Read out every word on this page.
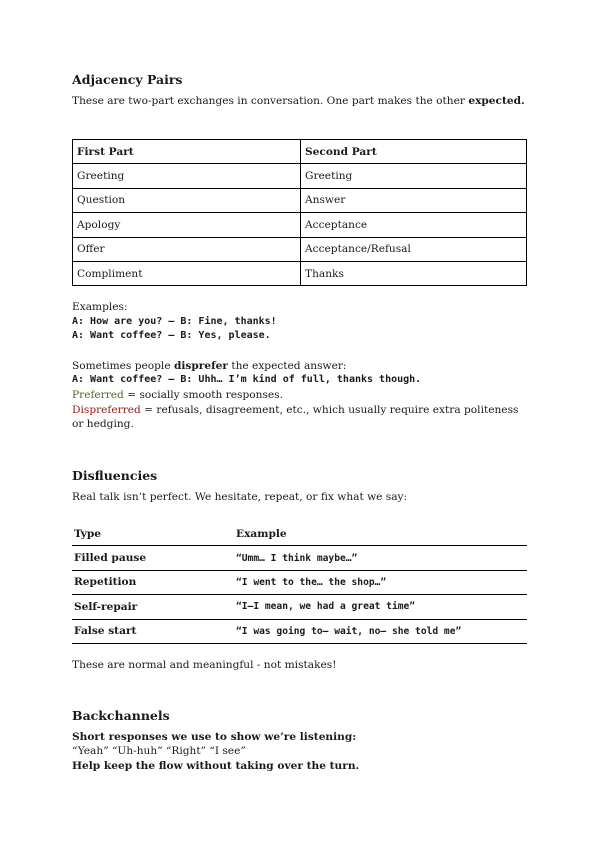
Adjacency Pairs

These are two-part exchanges in conversation. One part makes the other expected.

First Part	Second Part
Greeting	Greeting
Question	Answer
Apology	Acceptance
Offer	Acceptance/Refusal
Compliment	Thanks

Examples:

A: How are you? – B: Fine, thanks!

A: Want coffee? – B: Yes, please.

Sometimes people disprefer the expected answer:

A: Want coffee? – B: Uhh… I’m kind of full, thanks though.

Preferred = socially smooth responses.

Dispreferred = refusals, disagreement, etc., which usually require extra politeness or hedging.

Disfluencies

Real talk isn’t perfect. We hesitate, repeat, or fix what we say:

Type	Example
Filled pause	“Umm… I think maybe…”
Repetition	“I went to the… the shop…”
Self-repair	“I–I mean, we had a great time”
False start	“I was going to– wait, no– she told me”

These are normal and meaningful - not mistakes!

Backchannels

Short responses we use to show we’re listening:

“Yeah” “Uh-huh” “Right” “I see”

Help keep the flow without taking over the turn.
